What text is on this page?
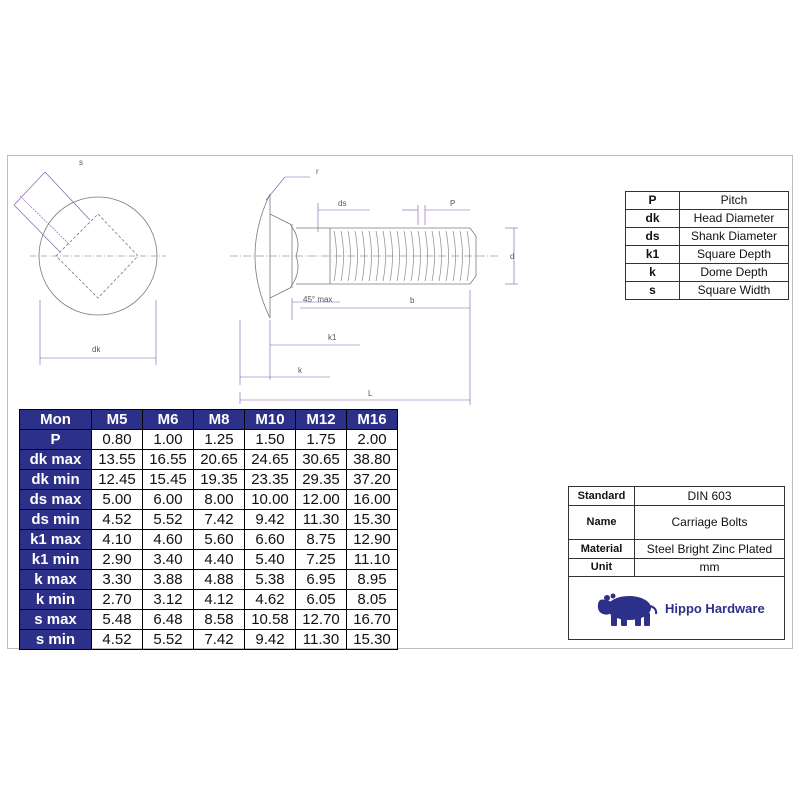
s
dk
r
ds	P
d
45° max	b
k1
k
L
P	Pitch
dk	Head Diameter
ds	Shank Diameter
k1	Square Depth
k	Dome Depth
s	Square Width
Mon	M5	M6	M8	M10	M12	M16
P	0.80	1.00	1.25	1.50	1.75	2.00
dk max	13.55	16.55	20.65	24.65	30.65	38.80
dk min	12.45	15.45	19.35	23.35	29.35	37.20
ds max	5.00	6.00	8.00	10.00	12.00	16.00
ds min	4.52	5.52	7.42	9.42	11.30	15.30
k1 max	4.10	4.60	5.60	6.60	8.75	12.90
k1 min	2.90	3.40	4.40	5.40	7.25	11.10
k max	3.30	3.88	4.88	5.38	6.95	8.95
k min	2.70	3.12	4.12	4.62	6.05	8.05
s max	5.48	6.48	8.58	10.58	12.70	16.70
s min	4.52	5.52	7.42	9.42	11.30	15.30
Standard	DIN 603
Name	Carriage Bolts
Material	Steel Bright Zinc Plated
Unit	mm
Hippo Hardware
